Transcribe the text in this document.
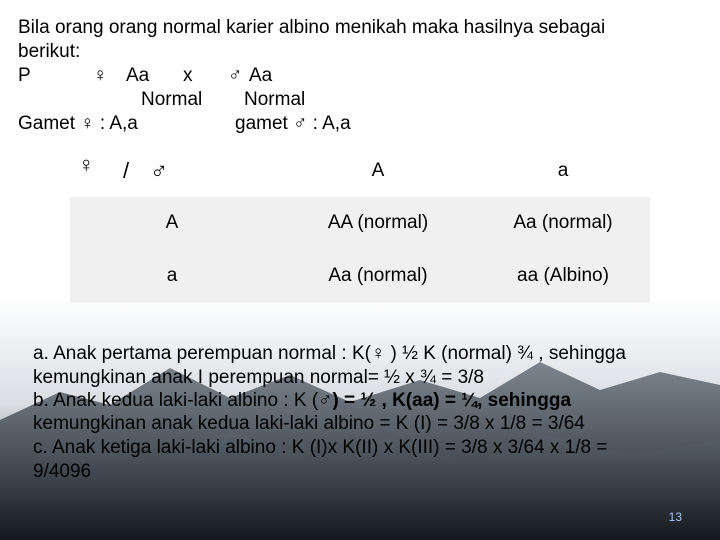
Bila orang orang normal karier albino menikah maka hasilnya sebagai
berikut:
P	♀ Aa x ♂ Aa
Normal Normal
Gamet ♀ : A,a	gamet ♂ : A,a
♀ / ♂	A	a
A	AA (normal)	Aa (normal)
a	Aa (normal)	aa (Albino)
a. Anak pertama perempuan normal : K(♀ ) ½ K (normal) ¾ , sehingga
kemungkinan anak I perempuan normal= ½ x ¾ = 3/8
b. Anak kedua laki-laki albino : K (♂) = ½ , K(aa) = ¼, sehingga
kemungkinan anak kedua laki-laki albino = K (I) = 3/8 x 1/8 = 3/64
c. Anak ketiga laki-laki albino : K (I)x K(II) x K(III) = 3/8 x 3/64 x 1/8 =
9/4096
13
